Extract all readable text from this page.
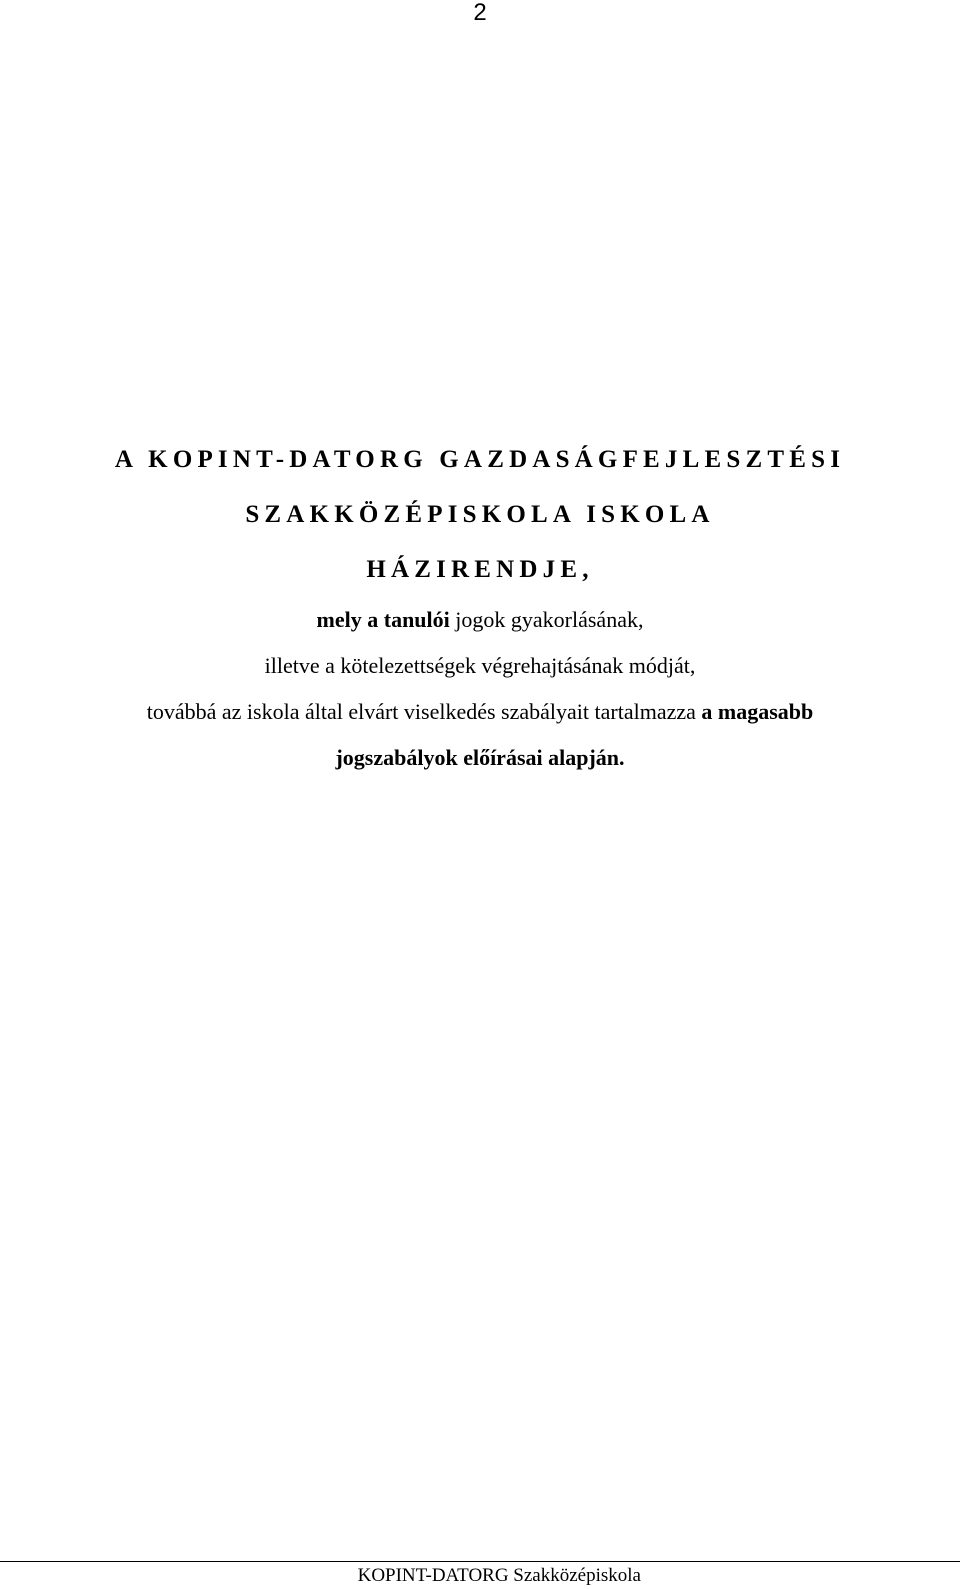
2
A KOPINT-DATORG GAZDASÁGFEJLESZTÉSI
SZAKKÖZÉPISKOLA ISKOLA
HÁZIRENDJE,
mely a tanulói jogok gyakorlásának,
illetve a kötelezettségek végrehajtásának módját,
továbbá az iskola által elvárt viselkedés szabályait tartalmazza a magasabb
jogszabályok előírásai alapján.
KOPINT-DATORG Szakközépiskola
